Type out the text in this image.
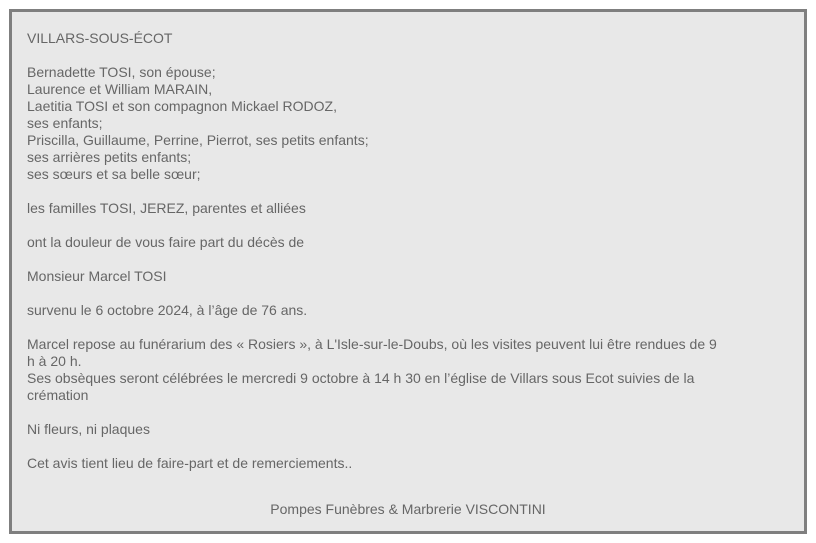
VILLARS-SOUS-ÉCOT

Bernadette TOSI, son épouse;
Laurence et William MARAIN,
Laetitia TOSI et son compagnon Mickael RODOZ,
ses enfants;
Priscilla, Guillaume, Perrine, Pierrot, ses petits enfants;
ses arrières petits enfants;
ses sœurs et sa belle sœur;

les familles TOSI, JEREZ, parentes et alliées

ont la douleur de vous faire part du décès de

Monsieur Marcel TOSI

survenu le 6 octobre 2024, à l’âge de 76 ans.

Marcel repose au funérarium des « Rosiers », à L'Isle-sur-le-Doubs, où les visites peuvent lui être rendues de 9 h à 20 h.
Ses obsèques seront célébrées le mercredi 9 octobre à 14 h 30 en l’église de Villars sous Ecot suivies de la crémation

Ni fleurs, ni plaques

Cet avis tient lieu de faire-part et de remerciements..

Pompes Funèbres & Marbrerie VISCONTINI
